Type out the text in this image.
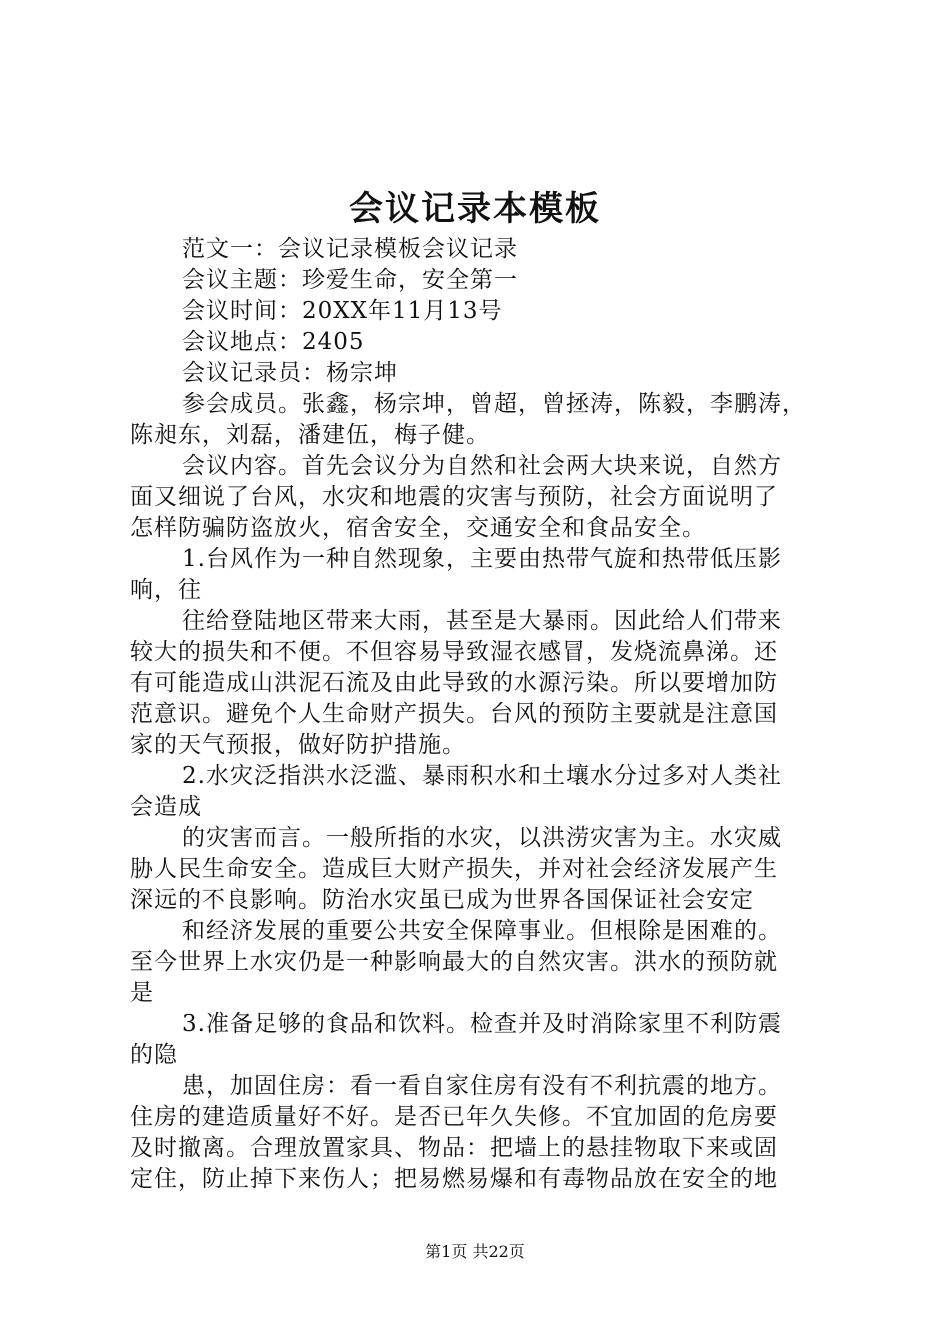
会议记录本模板

范文一：会议记录模板会议记录

会议主题：珍爱生命，安全第一

会议时间：20XX年11月13号

会议地点：2405

会议记录员：杨宗坤

参会成员。张鑫，杨宗坤，曾超，曾拯涛，陈毅，李鹏涛，

陈昶东，刘磊，潘建伍，梅子健。

会议内容。首先会议分为自然和社会两大块来说，自然方

面又细说了台风，水灾和地震的灾害与预防，社会方面说明了

怎样防骗防盗放火，宿舍安全，交通安全和食品安全。

1.台风作为一种自然现象，主要由热带气旋和热带低压影

响，往

往给登陆地区带来大雨，甚至是大暴雨。因此给人们带来

较大的损失和不便。不但容易导致湿衣感冒，发烧流鼻涕。还

有可能造成山洪泥石流及由此导致的水源污染。所以要增加防

范意识。避免个人生命财产损失。台风的预防主要就是注意国

家的天气预报，做好防护措施。

2.水灾泛指洪水泛滥、暴雨积水和土壤水分过多对人类社

会造成

的灾害而言。一般所指的水灾，以洪涝灾害为主。水灾威

胁人民生命安全。造成巨大财产损失，并对社会经济发展产生

深远的不良影响。防治水灾虽已成为世界各国保证社会安定

和经济发展的重要公共安全保障事业。但根除是困难的。

至今世界上水灾仍是一种影响最大的自然灾害。洪水的预防就

是

3.准备足够的食品和饮料。检查并及时消除家里不利防震

的隐

患，加固住房：看一看自家住房有没有不利抗震的地方。

住房的建造质量好不好。是否已年久失修。不宜加固的危房要

及时撤离。合理放置家具、物品：把墙上的悬挂物取下来或固

定住，防止掉下来伤人；把易燃易爆和有毒物品放在安全的地

第1页 共22页
